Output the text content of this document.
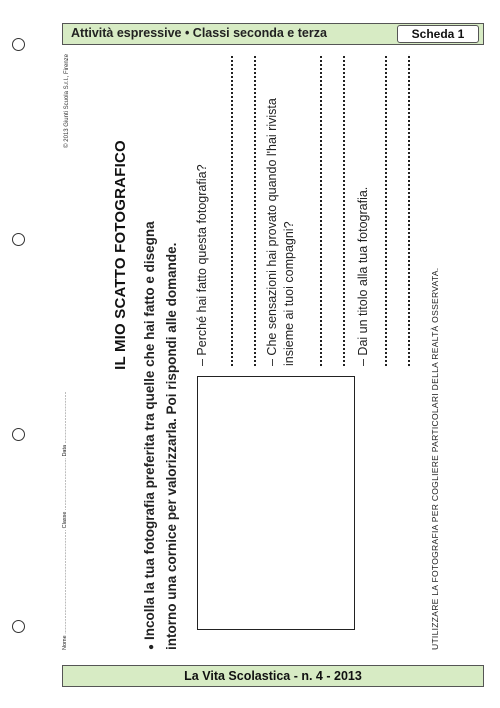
Attività espressive • Classi seconda e terza	Scheda 1
Nome .................................................................... Classe .................................. Data ..................................
© 2013 Giunti Scuola S.r.l., Firenze
IL MIO SCATTO FOTOGRAFICO
●Incolla la tua fotografia preferita tra quelle che hai fatto e disegna intorno una cornice per valorizzarla. Poi rispondi alle domande. – Perché hai fatto questa fotografia?	– Che sensazioni hai provato quando l'hai rivista insieme ai tuoi compagni?	– Dai un titolo alla tua fotografia.	UTILIZZARE LA FOTOGRAFIA PER COGLIERE PARTICOLARI DELLA REALTÀ OSSERVATA.
La Vita Scolastica - n. 4 - 2013
